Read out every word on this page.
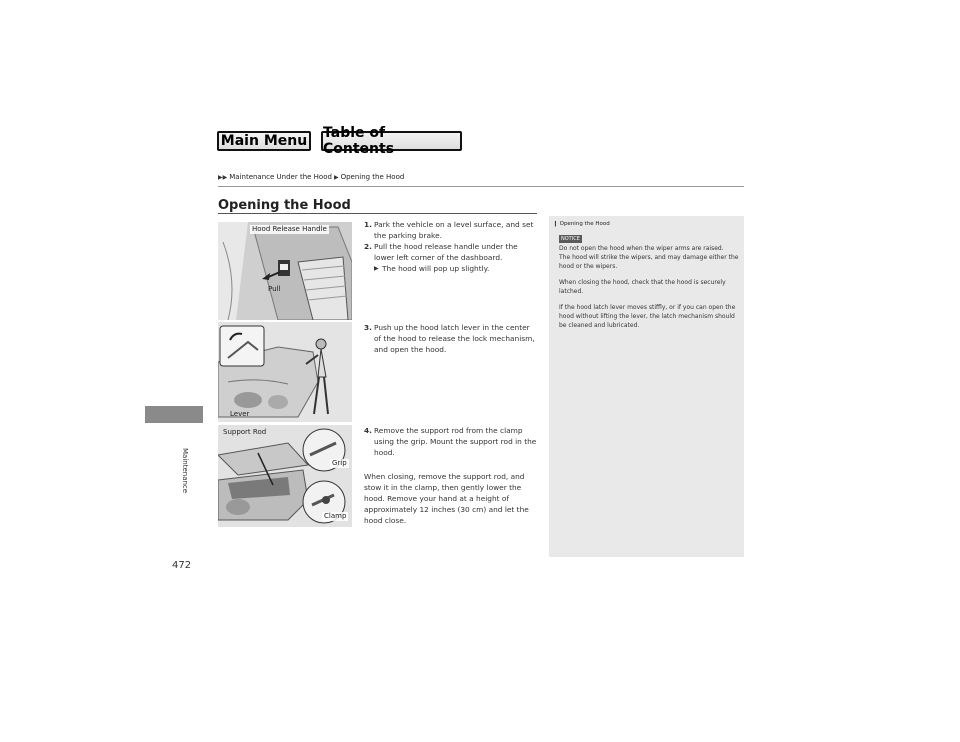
Main Menu Table of Contents
▶▶ Maintenance Under the Hood ▶ Opening the Hood
Maintenance
472
Opening the Hood
Hood Release Handle
Pull
1. Park the vehicle on a level surface, and set the parking brake.
2. Pull the hood release handle under the lower left corner of the dashboard.
▶ The hood will pop up slightly.
Lever
3. Push up the hood latch lever in the center of the hood to release the lock mechanism, and open the hood.
Support Rod
Grip
Clamp
4. Remove the support rod from the clamp using the grip. Mount the support rod in the hood.
When closing, remove the support rod, and stow it in the clamp, then gently lower the hood. Remove your hand at a height of approximately 12 inches (30 cm) and let the hood close.
❙ Opening the Hood
NOTICE

Do not open the hood when the wiper arms are raised.
The hood will strike the wipers, and may damage either the hood or the wipers.

When closing the hood, check that the hood is securely latched.

If the hood latch lever moves stiffly, or if you can open the hood without lifting the lever, the latch mechanism should be cleaned and lubricated.
